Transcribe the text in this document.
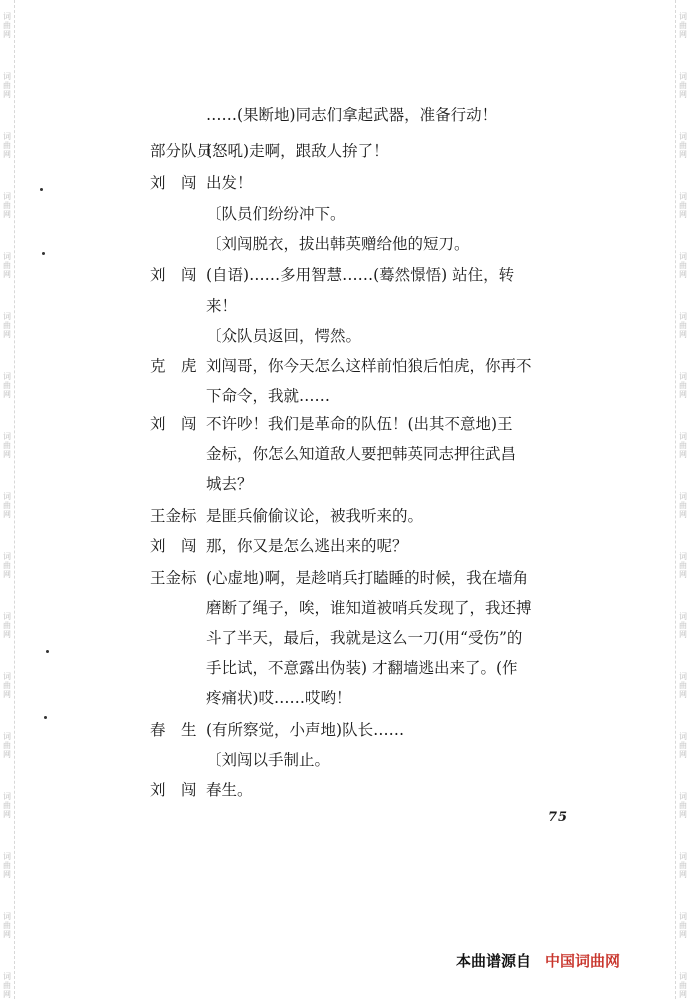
……(果断地)同志们拿起武器，准备行动！
部分队员(怒吼)走啊，跟敌人拚了！
刘　闯 出发！
〔队员们纷纷冲下。
〔刘闯脱衣，拔出韩英赠给他的短刀。
刘　闯 (自语)……多用智慧……(蓦然憬悟) 站住，转
来！
〔众队员返回，愕然。
克　虎 刘闯哥，你今天怎么这样前怕狼后怕虎，你再不
下命令，我就……
刘　闯 不许吵！我们是革命的队伍！(出其不意地)王
金标，你怎么知道敌人要把韩英同志押往武昌
城去？
王金标 是匪兵偷偷议论，被我听来的。
刘　闯 那，你又是怎么逃出来的呢？
王金标 (心虚地)啊，是趁哨兵打瞌睡的时候，我在墙角
磨断了绳子，唉，谁知道被哨兵发现了，我还搏
斗了半天，最后，我就是这么一刀(用“受伤”的
手比试，不意露出伪装) 才翻墙逃出来了。(作
疼痛状)哎……哎哟！
春　生 (有所察觉，小声地)队长……
〔刘闯以手制止。
刘　闯 春生。
75
本曲谱源自 中国词曲网
词
曲
网
词
曲
网
词
曲
网
词
曲
网
词
曲
网
词
曲
网
词
曲
网
词
曲
网
词
曲
网
词
曲
网
词
曲
网
词
曲
网
词
曲
网
词
曲
网
词
曲
网
词
曲
网
词
曲
网
词
曲
网
词
曲
网
词
曲
网
词
曲
网
词
曲
网
词
曲
网
词
曲
网
词
曲
网
词
曲
网
词
曲
网
词
曲
网
词
曲
网
词
曲
网
词
曲
网
词
曲
网
词
曲
网
词
曲
网
